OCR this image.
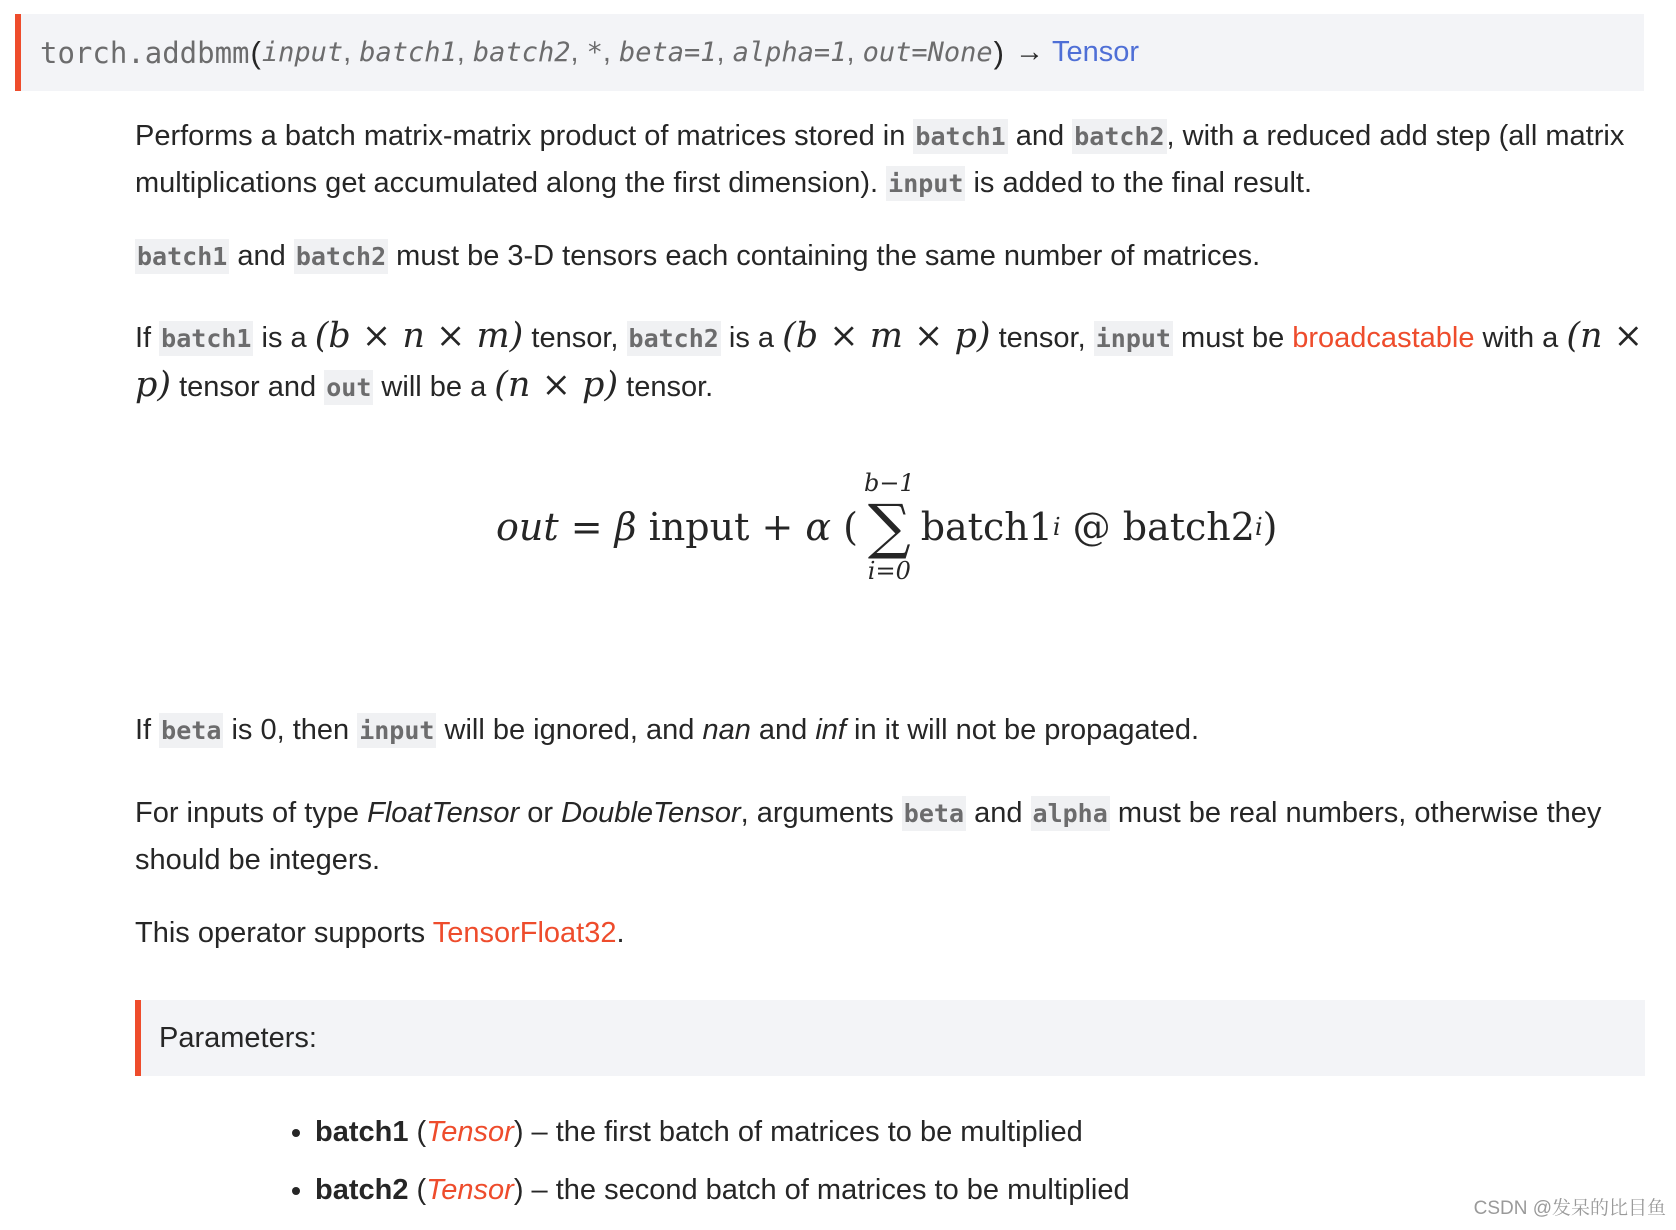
torch.addbmm ( input , batch1 , batch2 , * , beta=1 , alpha=1 , out=None ) → Tensor

Performs a batch matrix-matrix product of matrices stored in batch1 and batch2, with a reduced add step (all matrix multiplications get accumulated along the first dimension). input is added to the final result.

batch1 and batch2 must be 3-D tensors each containing the same number of matrices.

If batch1 is a (b × n × m) tensor, batch2 is a (b × m × p) tensor, input must be broadcastable with a (n × p) tensor and out will be a (n × p) tensor.

If beta is 0, then input will be ignored, and nan and inf in it will not be propagated.

For inputs of type FloatTensor or DoubleTensor, arguments beta and alpha must be real numbers, otherwise they should be integers.

This operator supports TensorFloat32.

out = β input + α (
b−1
∑
i=0
batch1 i @ batch2 i )
Parameters:
• batch1 (Tensor) – the first batch of matrices to be multiplied
• batch2 (Tensor) – the second batch of matrices to be multiplied
CSDN @发呆的比目鱼
